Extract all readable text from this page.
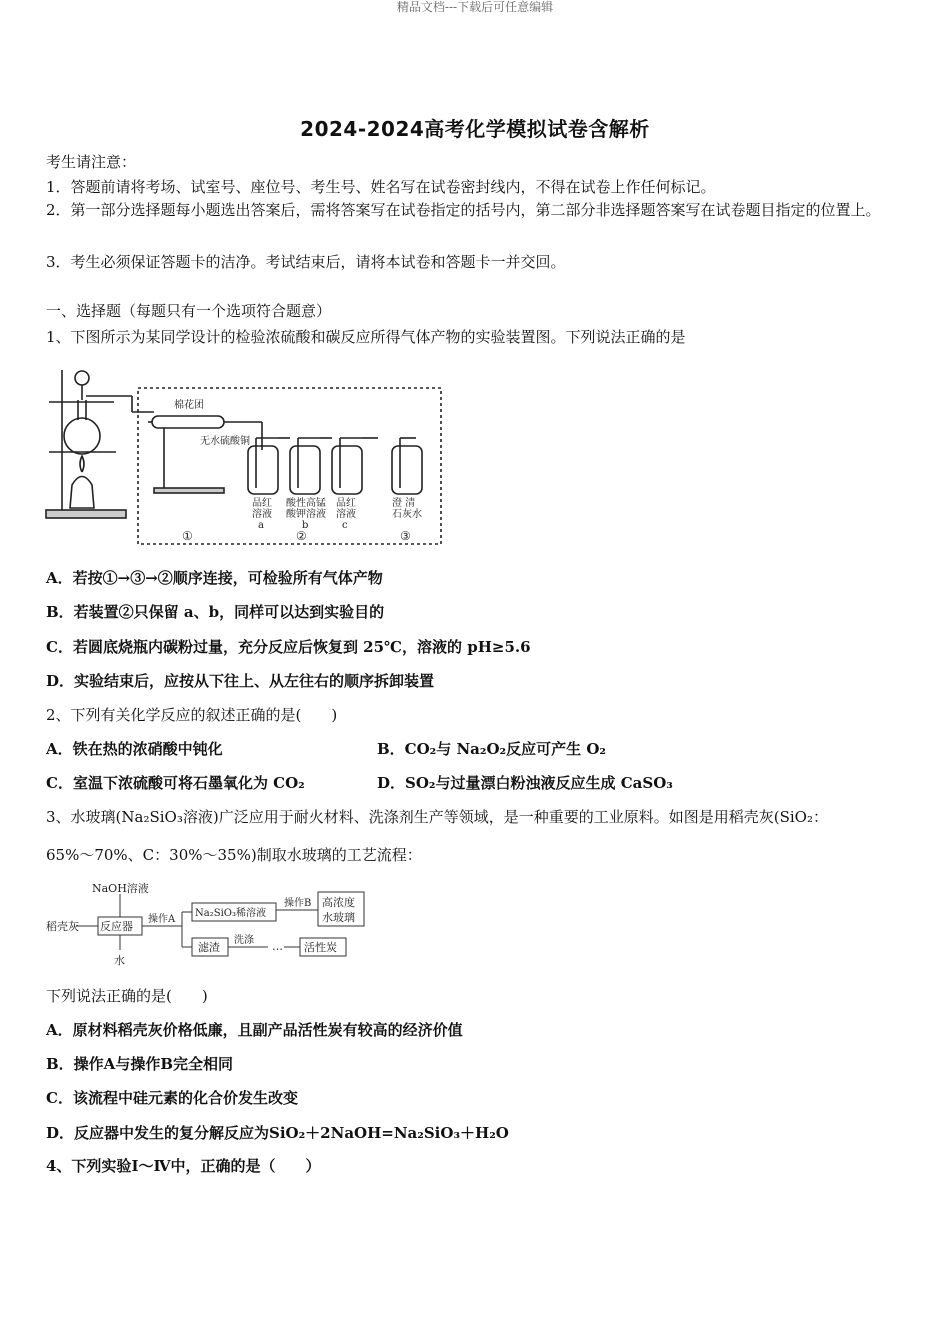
精品文档---下载后可任意编辑
2024-2024高考化学模拟试卷含解析
考生请注意：
1．答题前请将考场、试室号、座位号、考生号、姓名写在试卷密封线内，不得在试卷上作任何标记。
2．第一部分选择题每小题选出答案后，需将答案写在试卷指定的括号内，第二部分非选择题答案写在试卷题目指定的位置上。
3．考生必须保证答题卡的洁净。考试结束后，请将本试卷和答题卡一并交回。
一、选择题（每题只有一个选项符合题意）
1、下图所示为某同学设计的检验浓硫酸和碳反应所得气体产物的实验装置图。下列说法正确的是
棉花团
无水硫酸铜
品红
溶液
a
酸性高锰
酸钾溶液
b
品红
溶液
c
澄 清
石灰水
①	②	③
A．若按①→③→②顺序连接，可检验所有气体产物
B．若装置②只保留 a、b，同样可以达到实验目的
C．若圆底烧瓶内碳粉过量，充分反应后恢复到 25℃，溶液的 pH≥5.6
D．实验结束后，应按从下往上、从左往右的顺序拆卸装置
2、下列有关化学反应的叙述正确的是(　　)
A．铁在热的浓硝酸中钝化	B．CO₂与 Na₂O₂反应可产生 O₂
C．室温下浓硫酸可将石墨氧化为 CO₂	D．SO₂与过量漂白粉浊液反应生成 CaSO₃
3、水玻璃(Na₂SiO₃溶液)广泛应用于耐火材料、洗涤剂生产等领域，是一种重要的工业原料。如图是用稻壳灰(SiO₂：
65%～70%、C：30%～35%)制取水玻璃的工艺流程：
NaOH溶液
稻壳灰 反应器
水
操作A
Na₂SiO₃稀溶液
操作B 高浓度
水玻璃
滤渣
洗涤 … 活性炭
下列说法正确的是(　　)
A．原材料稻壳灰价格低廉，且副产品活性炭有较高的经济价值
B．操作A与操作B完全相同
C．该流程中硅元素的化合价发生改变
D．反应器中发生的复分解反应为SiO₂＋2NaOH=Na₂SiO₃＋H₂O
4、下列实验Ⅰ～Ⅳ中，正确的是（　　）
